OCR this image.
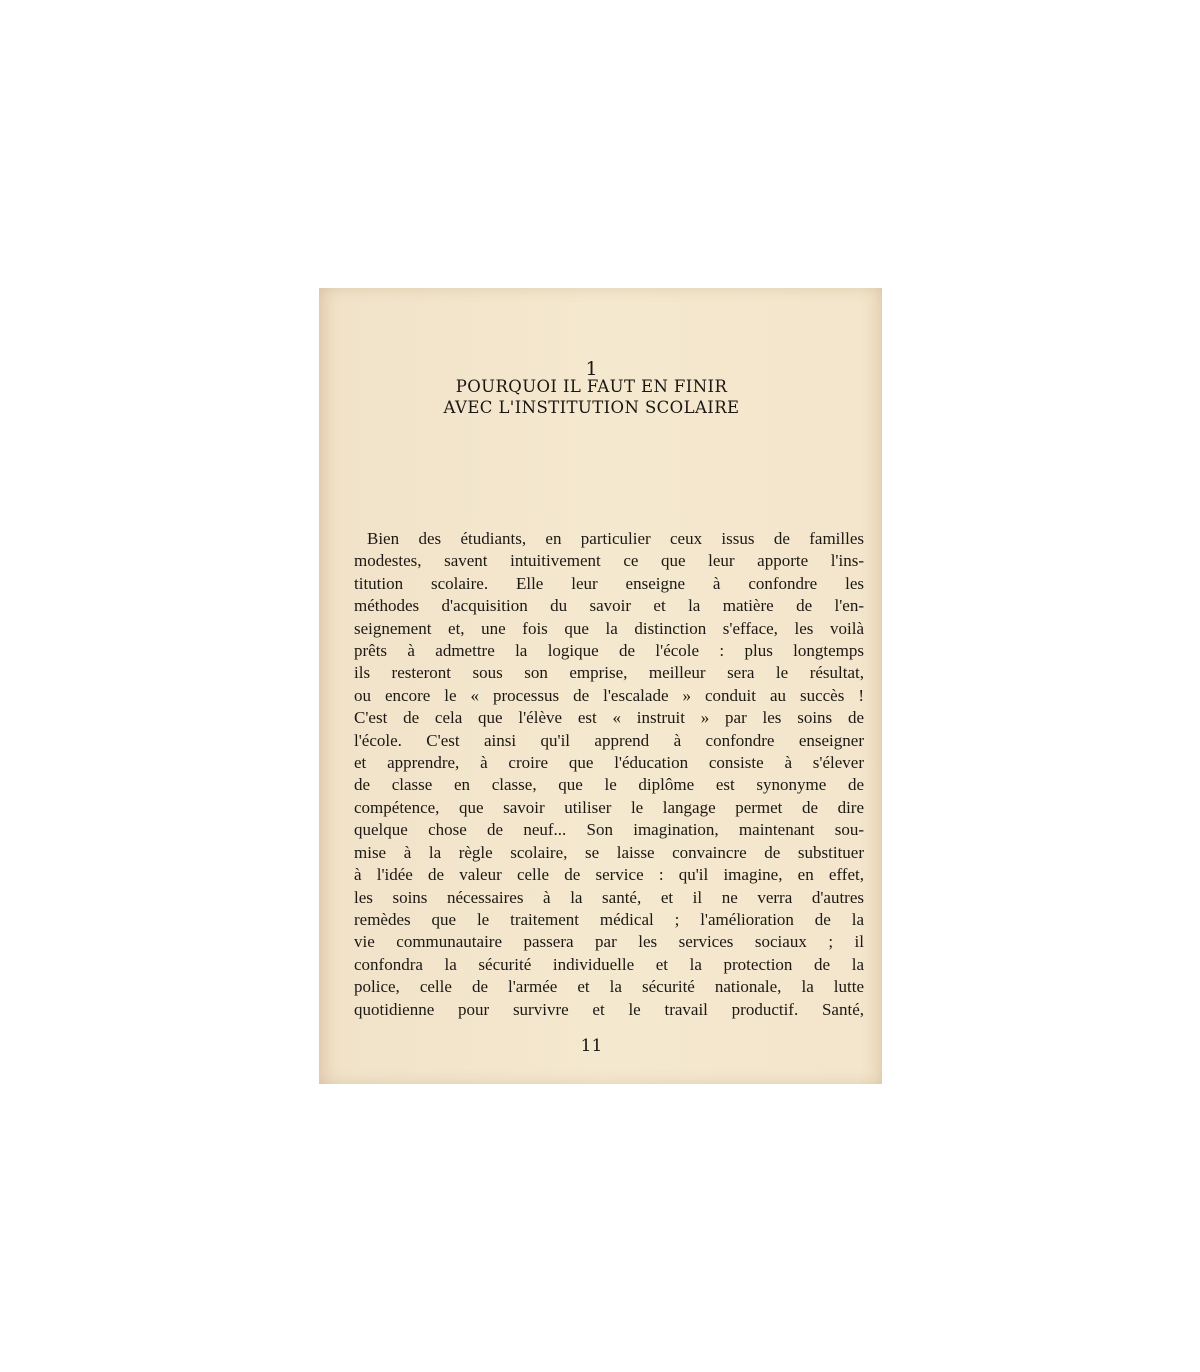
1
POURQUOI IL FAUT EN FINIR
AVEC L'INSTITUTION SCOLAIRE

Bien des étudiants, en particulier ceux issus de familles
modestes, savent intuitivement ce que leur apporte l'ins-
titution scolaire. Elle leur enseigne à confondre les
méthodes d'acquisition du savoir et la matière de l'en-
seignement et, une fois que la distinction s'efface, les voilà
prêts à admettre la logique de l'école : plus longtemps
ils resteront sous son emprise, meilleur sera le résultat,
ou encore le « processus de l'escalade » conduit au succès !
C'est de cela que l'élève est « instruit » par les soins de
l'école. C'est ainsi qu'il apprend à confondre enseigner
et apprendre, à croire que l'éducation consiste à s'élever
de classe en classe, que le diplôme est synonyme de
compétence, que savoir utiliser le langage permet de dire
quelque chose de neuf... Son imagination, maintenant sou-
mise à la règle scolaire, se laisse convaincre de substituer
à l'idée de valeur celle de service : qu'il imagine, en effet,
les soins nécessaires à la santé, et il ne verra d'autres
remèdes que le traitement médical ; l'amélioration de la
vie communautaire passera par les services sociaux ; il
confondra la sécurité individuelle et la protection de la
police, celle de l'armée et la sécurité nationale, la lutte
quotidienne pour survivre et le travail productif. Santé,

11
